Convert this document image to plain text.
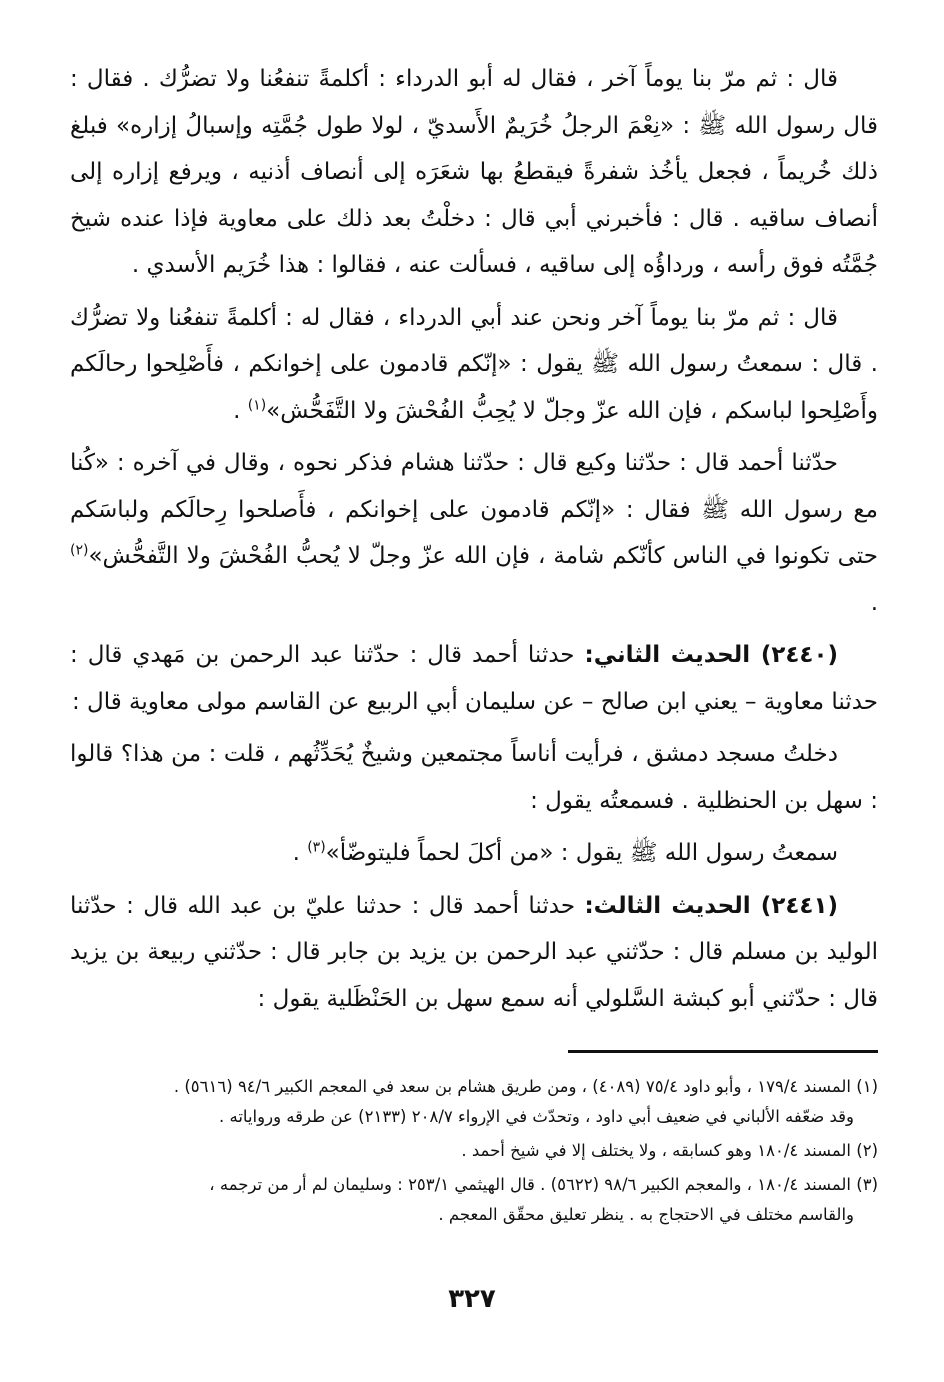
قال : ثم مرّ بنا يوماً آخر ، فقال له أبو الدرداء : أكلمةً تنفعُنا ولا تضرُّك . فقال : قال رسول الله ﷺ : «نِعْمَ الرجلُ خُرَيمٌ الأَسديّ ، لولا طول جُمَّتِه وإسبالُ إزاره» فبلغ ذلك خُريماً ، فجعل يأخُذ شفرةً فيقطعُ بها شعَرَه إلى أنصاف أذنيه ، ويرفع إزاره إلى أنصاف ساقيه . قال : فأخبرني أبي قال : دخلْتُ بعد ذلك على معاوية فإذا عنده شيخ جُمَّتُه فوق رأسه ، ورداؤُه إلى ساقيه ، فسألت عنه ، فقالوا : هذا خُرَيم الأسدي .

قال : ثم مرّ بنا يوماً آخر ونحن عند أبي الدرداء ، فقال له : أكلمةً تنفعُنا ولا تضرُّك . قال : سمعتُ رسول الله ﷺ يقول : «إنّكم قادمون على إخوانكم ، فأَصْلِحوا رحالَكم وأَصْلِحوا لباسكم ، فإن الله عزّ وجلّ لا يُحِبُّ الفُحْشَ ولا التَّفَحُّش»$^{(١)}$ .

حدّثنا أحمد قال : حدّثنا وكيع قال : حدّثنا هشام فذكر نحوه ، وقال في آخره : «كُنا مع رسول الله ﷺ فقال : «إنّكم قادمون على إخوانكم ، فأَصلحوا رِحالَكم ولباسَكم حتى تكونوا في الناس كأنّكم شامة ، فإن الله عزّ وجلّ لا يُحبُّ الفُحْشَ ولا التَّفحُّش»$^{(٢)}$ .

(٢٤٤٠) الحديث الثاني: حدثنا أحمد قال : حدّثنا عبد الرحمن بن مَهدي قال : حدثنا معاوية – يعني ابن صالح – عن سليمان أبي الربيع عن القاسم مولى معاوية قال :

دخلتُ مسجد دمشق ، فرأيت أناساً مجتمعين وشيخٌ يُحَدِّثُهم ، قلت : من هذا؟ قالوا : سهل بن الحنظلية . فسمعتُه يقول :

سمعتُ رسول الله ﷺ يقول : «من أكلَ لحماً فليتوضّأ»$^{(٣)}$ .

(٢٤٤١) الحديث الثالث: حدثنا أحمد قال : حدثنا عليّ بن عبد الله قال : حدّثنا الوليد بن مسلم قال : حدّثني عبد الرحمن بن يزيد بن جابر قال : حدّثني ربيعة بن يزيد قال : حدّثني أبو كبشة السَّلولي أنه سمع سهل بن الحَنْظَلية يقول :

(١) المسند ١٧٩/٤ ، وأبو داود ٧٥/٤ (٤٠٨٩) ، ومن طريق هشام بن سعد في المعجم الكبير ٩٤/٦ (٥٦١٦) .
وقد ضعّفه الألباني في ضعيف أبي داود ، وتحدّث في الإرواء ٢٠٨/٧ (٢١٣٣) عن طرقه ورواياته .

(٢) المسند ١٨٠/٤ وهو كسابقه ، ولا يختلف إلا في شيخ أحمد .

(٣) المسند ١٨٠/٤ ، والمعجم الكبير ٩٨/٦ (٥٦٢٢) . قال الهيثمي ٢٥٣/١ : وسليمان لم أر من ترجمه ،
والقاسم مختلف في الاحتجاج به . ينظر تعليق محقّق المعجم .

٣٢٧
